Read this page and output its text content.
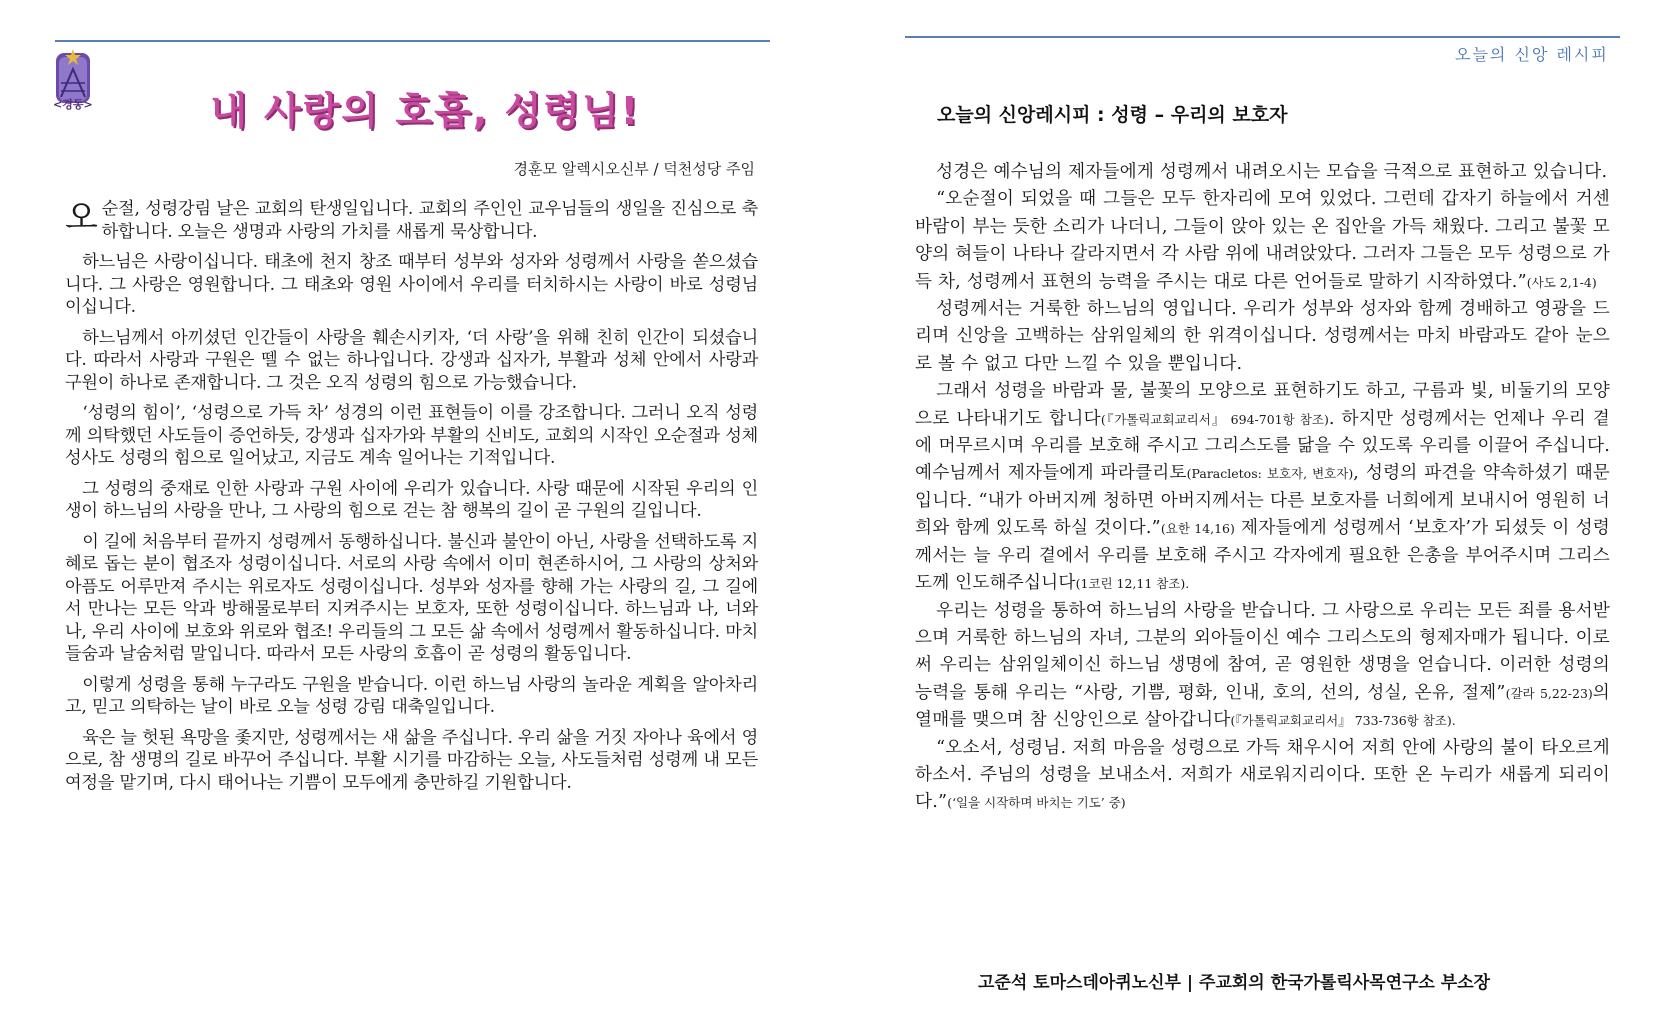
<경동>	내 사랑의 호흡, 성령님!
경훈모 알렉시오신부 / 덕천성당 주임

오순절, 성령강림 날은 교회의 탄생일입니다. 교회의 주인인 교우님들의 생일을 진심으로 축하합니다. 오늘은 생명과 사랑의 가치를 새롭게 묵상합니다.

하느님은 사랑이십니다. 태초에 천지 창조 때부터 성부와 성자와 성령께서 사랑을 쏟으셨습니다. 그 사랑은 영원합니다. 그 태초와 영원 사이에서 우리를 터치하시는 사랑이 바로 성령님이십니다.

하느님께서 아끼셨던 인간들이 사랑을 훼손시키자, ‘더 사랑’을 위해 친히 인간이 되셨습니다. 따라서 사랑과 구원은 뗄 수 없는 하나입니다. 강생과 십자가, 부활과 성체 안에서 사랑과 구원이 하나로 존재합니다. 그 것은 오직 성령의 힘으로 가능했습니다.

‘성령의 힘이’, ‘성령으로 가득 차’ 성경의 이런 표현들이 이를 강조합니다. 그러니 오직 성령께 의탁했던 사도들이 증언하듯, 강생과 십자가와 부활의 신비도, 교회의 시작인 오순절과 성체성사도 성령의 힘으로 일어났고, 지금도 계속 일어나는 기적입니다.

그 성령의 중재로 인한 사랑과 구원 사이에 우리가 있습니다. 사랑 때문에 시작된 우리의 인생이 하느님의 사랑을 만나, 그 사랑의 힘으로 걷는 참 행복의 길이 곧 구원의 길입니다.

이 길에 처음부터 끝까지 성령께서 동행하십니다. 불신과 불안이 아닌, 사랑을 선택하도록 지혜로 돕는 분이 협조자 성령이십니다. 서로의 사랑 속에서 이미 현존하시어, 그 사랑의 상처와 아픔도 어루만져 주시는 위로자도 성령이십니다. 성부와 성자를 향해 가는 사랑의 길, 그 길에서 만나는 모든 악과 방해물로부터 지켜주시는 보호자, 또한 성령이십니다. 하느님과 나, 너와 나, 우리 사이에 보호와 위로와 협조! 우리들의 그 모든 삶 속에서 성령께서 활동하십니다. 마치 들숨과 날숨처럼 말입니다. 따라서 모든 사랑의 호흡이 곧 성령의 활동입니다.

이렇게 성령을 통해 누구라도 구원을 받습니다. 이런 하느님 사랑의 놀라운 계획을 알아차리고, 믿고 의탁하는 날이 바로 오늘 성령 강림 대축일입니다.

육은 늘 헛된 욕망을 좇지만, 성령께서는 새 삶을 주십니다. 우리 삶을 거짓 자아나 육에서 영으로, 참 생명의 길로 바꾸어 주십니다. 부활 시기를 마감하는 오늘, 사도들처럼 성령께 내 모든 여정을 맡기며, 다시 태어나는 기쁨이 모두에게 충만하길 기원합니다.

오늘의 신앙 레시피
오늘의 신앙레시피 : 성령 – 우리의 보호자

성경은 예수님의 제자들에게 성령께서 내려오시는 모습을 극적으로 표현하고 있습니다.

“오순절이 되었을 때 그들은 모두 한자리에 모여 있었다. 그런데 갑자기 하늘에서 거센 바람이 부는 듯한 소리가 나더니, 그들이 앉아 있는 온 집안을 가득 채웠다. 그리고 불꽃 모양의 혀들이 나타나 갈라지면서 각 사람 위에 내려앉았다. 그러자 그들은 모두 성령으로 가득 차, 성령께서 표현의 능력을 주시는 대로 다른 언어들로 말하기 시작하였다.”(사도 2,1-4)

성령께서는 거룩한 하느님의 영입니다. 우리가 성부와 성자와 함께 경배하고 영광을 드리며 신앙을 고백하는 삼위일체의 한 위격이십니다. 성령께서는 마치 바람과도 같아 눈으로 볼 수 없고 다만 느낄 수 있을 뿐입니다.

그래서 성령을 바람과 물, 불꽃의 모양으로 표현하기도 하고, 구름과 빛, 비둘기의 모양으로 나타내기도 합니다(『가톨릭교회교리서』 694-701항 참조). 하지만 성령께서는 언제나 우리 곁에 머무르시며 우리를 보호해 주시고 그리스도를 닮을 수 있도록 우리를 이끌어 주십니다. 예수님께서 제자들에게 파라클리토(Paracletos: 보호자, 변호자), 성령의 파견을 약속하셨기 때문입니다. “내가 아버지께 청하면 아버지께서는 다른 보호자를 너희에게 보내시어 영원히 너희와 함께 있도록 하실 것이다.”(요한 14,16) 제자들에게 성령께서 ‘보호자’가 되셨듯 이 성령께서는 늘 우리 곁에서 우리를 보호해 주시고 각자에게 필요한 은총을 부어주시며 그리스도께 인도해주십니다(1코린 12,11 참조).

우리는 성령을 통하여 하느님의 사랑을 받습니다. 그 사랑으로 우리는 모든 죄를 용서받으며 거룩한 하느님의 자녀, 그분의 외아들이신 예수 그리스도의 형제자매가 됩니다. 이로써 우리는 삼위일체이신 하느님 생명에 참여, 곧 영원한 생명을 얻습니다. 이러한 성령의 능력을 통해 우리는 “사랑, 기쁨, 평화, 인내, 호의, 선의, 성실, 온유, 절제”(갈라 5,22-23)의 열매를 맺으며 참 신앙인으로 살아갑니다(『가톨릭교회교리서』 733-736항 참조).

“오소서, 성령님. 저희 마음을 성령으로 가득 채우시어 저희 안에 사랑의 불이 타오르게 하소서. 주님의 성령을 보내소서. 저희가 새로워지리이다. 또한 온 누리가 새롭게 되리이다.”(‘일을 시작하며 바치는 기도’ 중)

고준석 토마스데아퀴노신부 | 주교회의 한국가톨릭사목연구소 부소장
